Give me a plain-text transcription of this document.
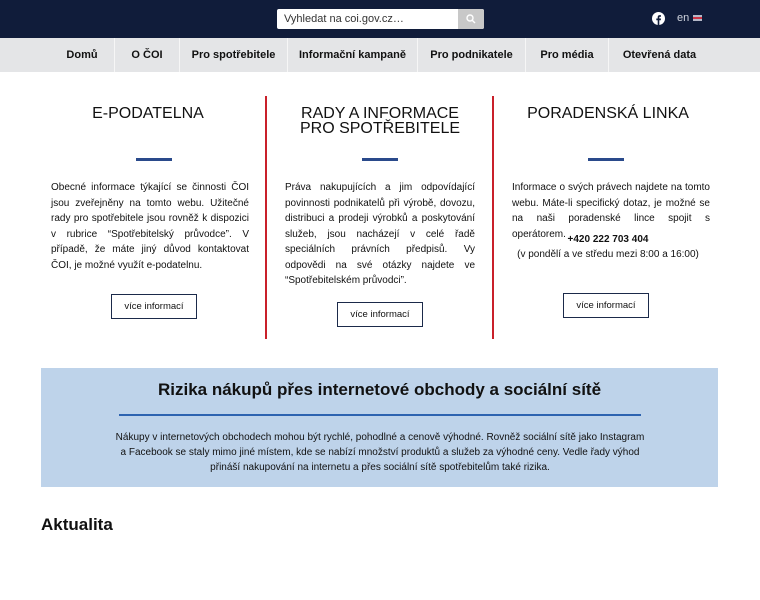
Vyhledat na coi.gov.cz…
en
Domů	O ČOI	Pro spotřebitele Informační kampaně Pro podnikatele	Pro média	Otevřená data
E-PODATELNA
Obecné informace týkající se činnosti ČOI jsou zveřejněny na tomto webu. Užitečné rady pro spotřebitele jsou rovněž k dispozici v rubrice “Spotřebitelský průvodce”. V případě, že máte jiný důvod kontaktovat ČOI, je možné využít e-podatelnu.
více informací
RADY A INFORMACE
PRO SPOTŘEBITELE
Práva nakupujících a jim odpovídající povinnosti podnikatelů při výrobě, dovozu, distribuci a prodeji výrobků a poskytování služeb, jsou nacházejí v celé řadě speciálních právních předpisů. Vy odpovědi na své otázky najdete ve “Spotřebitelském průvodci”.
více informací
PORADENSKÁ LINKA
Informace o svých právech najdete na tomto webu. Máte-li specifický dotaz, je možné se na naši poradenské lince spojit s operátorem. +420 222 703 404
(v pondělí a ve středu mezi 8:00 a 16:00)
více informací
Rizika nákupů přes internetové obchody a sociální sítě
Nákupy v internetových obchodech mohou být rychlé, pohodlné a cenově výhodné. Rovněž sociální sítě jako Instagram a Facebook se staly mimo jiné místem, kde se nabízí množství produktů a služeb za výhodné ceny. Vedle řady výhod přináší nakupování na internetu a přes sociální sítě spotřebitelům také rizika.
Aktualita
